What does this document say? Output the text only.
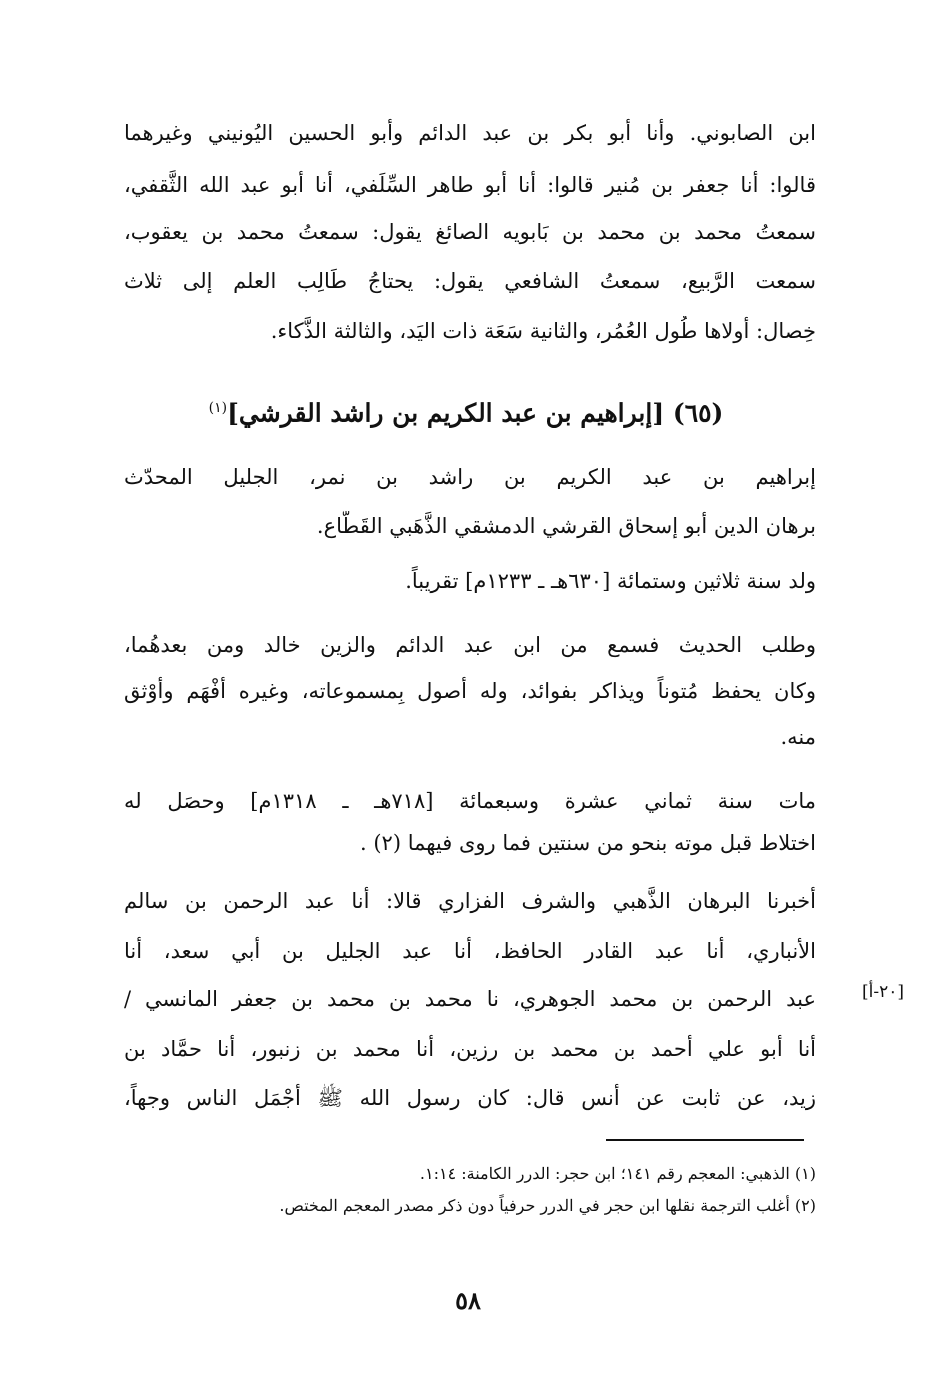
ابن الصابوني. وأنا أبو بكر بن عبد الدائم وأبو الحسين اليُونيني وغيرهما
قالوا: أنا جعفر بن مُنير قالوا: أنا أبو طاهر السِّلَفي، أنا أبو عبد الله الثَّقفي،
سمعتُ محمد بن محمد بن بَابويه الصائغ يقول: سمعتُ محمد بن يعقوب،
سمعت الرَّبيع، سمعتُ الشافعي يقول: يحتاجُ طَالِب العلم إلى ثلاث
خِصال: أولاها طُول العُمُر، والثانية سَعَة ذات اليَد، والثالثة الذَّكاء.
(٦٥) [إبراهيم بن عبد الكريم بن راشد القرشي]$^{(١)}$
إبراهيم بن عبد الكريم بن راشد بن نمر، الجليل المحدّث
برهان الدين أبو إسحاق القرشي الدمشقي الذَّهَبي القَطَّاع.
ولد سنة ثلاثين وستمائة [٦٣٠هـ ـ ١٢٣٣م] تقريباً.
وطلب الحديث فسمع من ابن عبد الدائم والزين خالد ومن بعدهُما،
وكان يحفظ مُتوناً ويذاكر بفوائد، وله أصول بِمسموعاته، وغيره أفْهَم وأوْثق
منه.
مات سنة ثماني عشرة وسبعمائة [٧١٨هـ ـ ١٣١٨م] وحصَل له
اختلاط قبل موته بنحو من سنتين فما روى فيهما (٢) .
أخبرنا البرهان الذَّهبي والشرف الفزاري قالا: أنا عبد الرحمن بن سالم
الأنباري، أنا عبد القادر الحافظ، أنا عبد الجليل بن أبي سعد، أنا
عبد الرحمن بن محمد الجوهري، نا محمد بن محمد بن جعفر المانسي /
أنا أبو علي أحمد بن محمد بن رزين، أنا محمد بن زنبور، أنا حمَّاد بن
زيد، عن ثابت عن أنس قال: كان رسول الله ﷺ أجْمَل الناس وجهاً،
[٢٠-أ]
(١) الذهبي: المعجم رقم ١٤١؛ ابن حجر: الدرر الكامنة: ١:١٤.
(٢) أغلب الترجمة نقلها ابن حجر في الدرر حرفياً دون ذكر مصدر المعجم المختص.
٥٨
